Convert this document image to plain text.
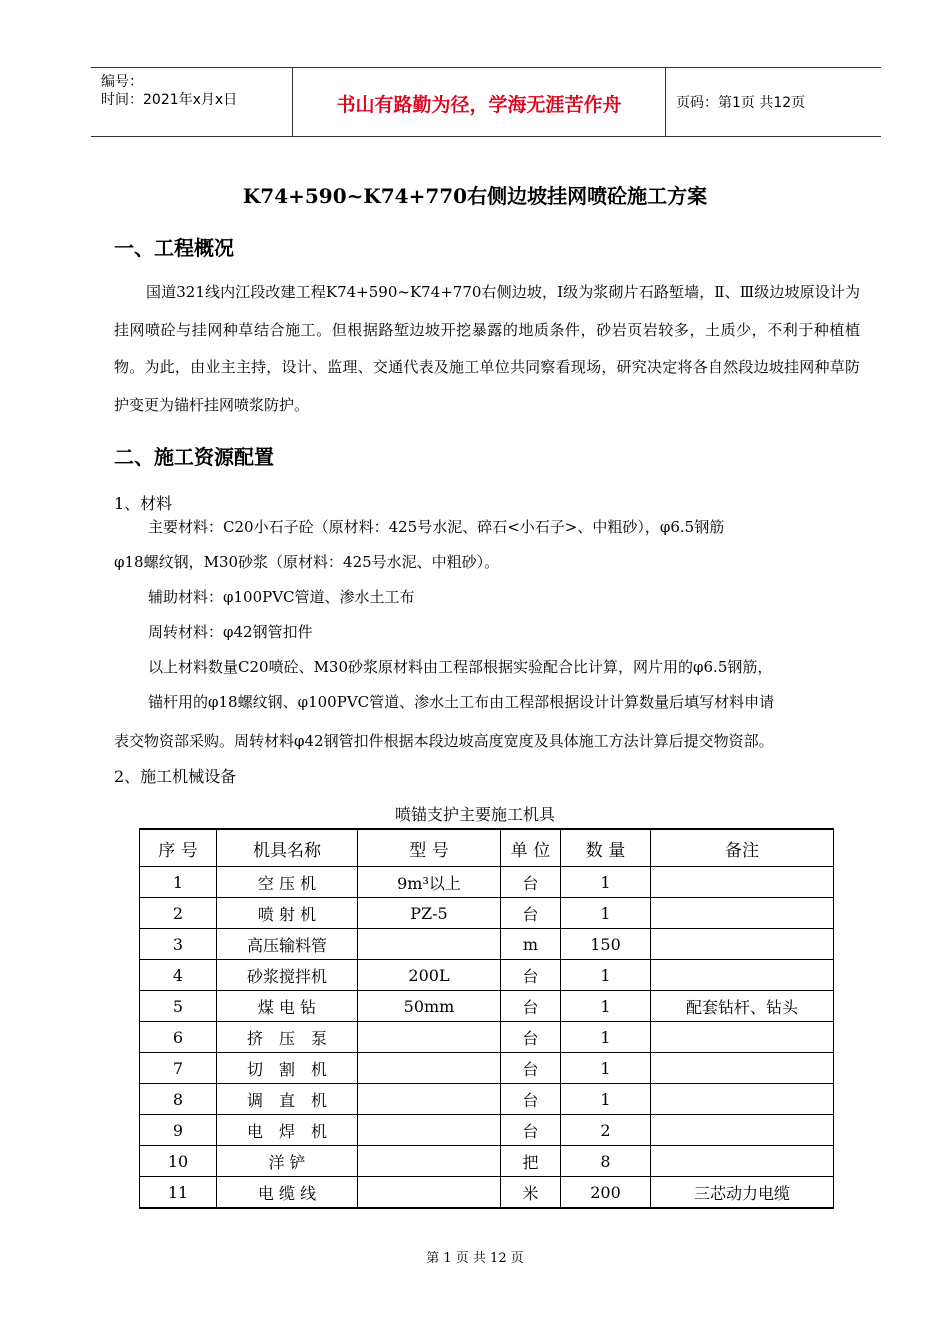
编号：
时间：2021年x月x日	书山有路勤为径，学海无涯苦作舟	页码：第1页 共12页
K74+590~K74+770右侧边坡挂网喷砼施工方案
一、工程概况
国道321线内江段改建工程K74+590~K74+770右侧边坡，Ⅰ级为浆砌片石路堑墙，Ⅱ、Ⅲ级边坡原设计为挂网喷砼与挂网种草结合施工。但根据路堑边坡开挖暴露的地质条件，砂岩页岩较多，土质少，不利于种植植物。为此，由业主主持，设计、监理、交通代表及施工单位共同察看现场，研究决定将各自然段边坡挂网种草防护变更为锚杆挂网喷浆防护。
二、施工资源配置
1、材料
主要材料：C20小石子砼（原材料：425号水泥、碎石<小石子>、中粗砂），φ6.5钢筋
φ18螺纹钢，M30砂浆（原材料：425号水泥、中粗砂）。
辅助材料：φ100PVC管道、渗水土工布
周转材料：φ42钢管扣件
以上材料数量C20喷砼、M30砂浆原材料由工程部根据实验配合比计算，网片用的φ6.5钢筋，
锚杆用的φ18螺纹钢、φ100PVC管道、渗水土工布由工程部根据设计计算数量后填写材料申请
表交物资部采购。周转材料φ42钢管扣件根据本段边坡高度宽度及具体施工方法计算后提交物资部。
2、施工机械设备
喷锚支护主要施工机具
序 号	机具名称	型 号	单 位	数 量	备注
1	空 压 机	9m³以上	台	1	
2	喷 射 机	PZ-5	台	1	
3	高压输料管		m	150	
4	砂浆搅拌机	200L	台	1	
5	煤 电 钻	50mm	台	1	配套钻杆、钻头
6	挤　压　泵		台	1	
7	切　割　机		台	1	
8	调　直　机		台	1	
9	电　焊　机		台	2	
10	洋 铲		把	8	
11	电 缆 线		米	200	三芯动力电缆
第 1 页 共 12 页
